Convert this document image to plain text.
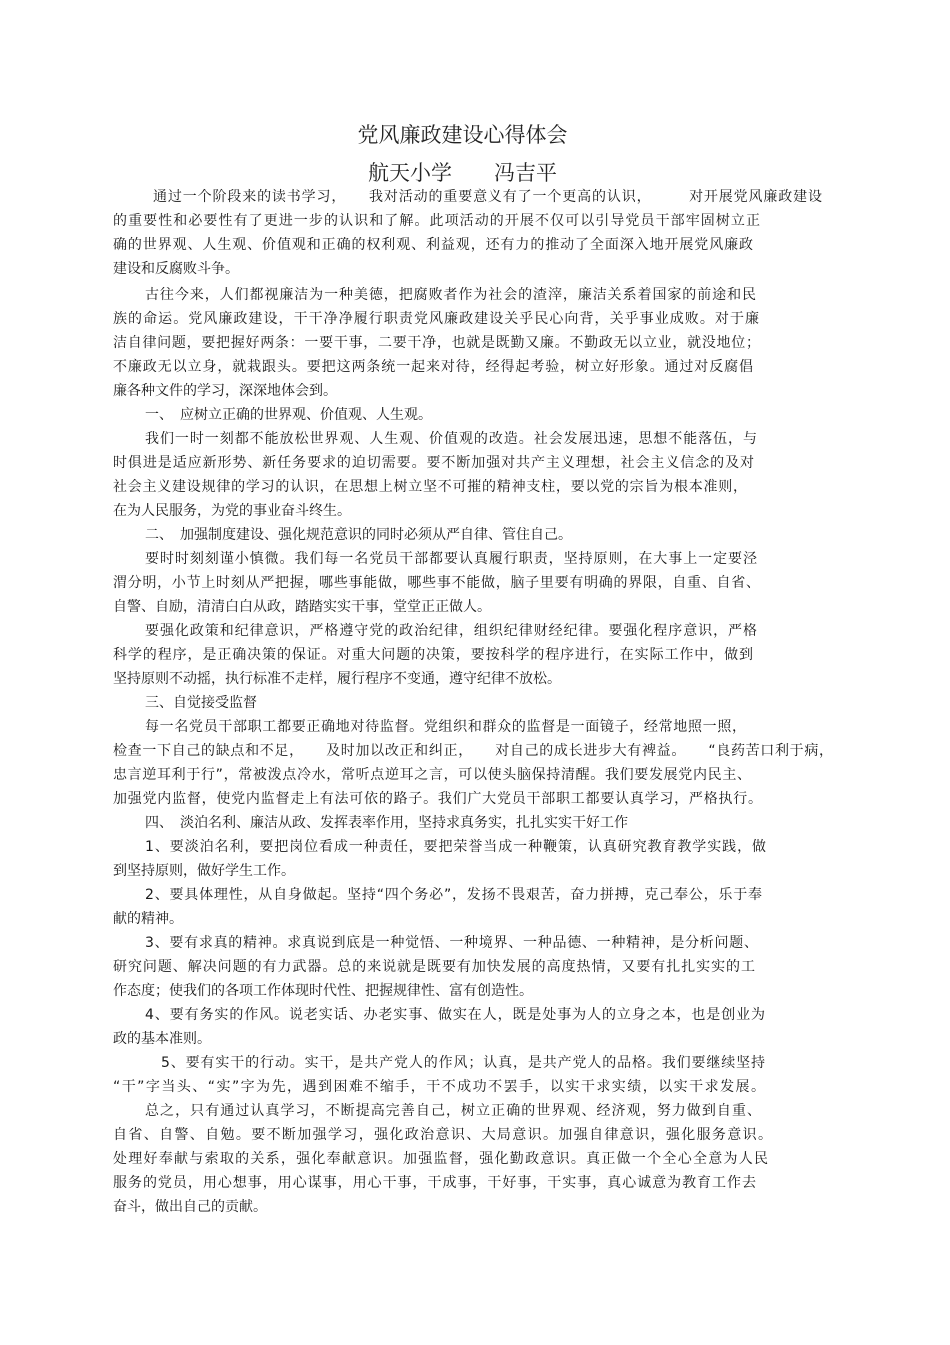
党风廉政建设心得体会
航天小学　　冯吉平
通过一个阶段来的读书学习，　　我对活动的重要意义有了一个更高的认识，　　　对开展党风廉政建设
的重要性和必要性有了更进一步的认识和了解。此项活动的开展不仅可以引导党员干部牢固树立正
确的世界观、人生观、价值观和正确的权利观、利益观，还有力的推动了全面深入地开展党风廉政
建设和反腐败斗争。
古往今来，人们都视廉洁为一种美德，把腐败者作为社会的渣滓，廉洁关系着国家的前途和民
族的命运。党风廉政建设，干干净净履行职责党风廉政建设关乎民心向背，关乎事业成败。对于廉
洁自律问题，要把握好两条：一要干事，二要干净，也就是既勤又廉。不勤政无以立业，就没地位；
不廉政无以立身，就栽跟头。要把这两条统一起来对待，经得起考验，树立好形象。通过对反腐倡
廉各种文件的学习，深深地体会到。
一、　应树立正确的世界观、价值观、人生观。
我们一时一刻都不能放松世界观、人生观、价值观的改造。社会发展迅速，思想不能落伍，与
时俱进是适应新形势、新任务要求的迫切需要。要不断加强对共产主义理想，社会主义信念的及对
社会主义建设规律的学习的认识，在思想上树立坚不可摧的精神支柱，要以党的宗旨为根本准则，
在为人民服务，为党的事业奋斗终生。
二、　加强制度建设、强化规范意识的同时必须从严自律、管住自己。
要时时刻刻谨小慎微。我们每一名党员干部都要认真履行职责，坚持原则，在大事上一定要泾
渭分明，小节上时刻从严把握，哪些事能做，哪些事不能做，脑子里要有明确的界限，自重、自省、
自警、自励，清清白白从政，踏踏实实干事，堂堂正正做人。
要强化政策和纪律意识，严格遵守党的政治纪律，组织纪律财经纪律。要强化程序意识，严格
科学的程序，是正确决策的保证。对重大问题的决策，要按科学的程序进行，在实际工作中，做到
坚持原则不动摇，执行标准不走样，履行程序不变通，遵守纪律不放松。
三、自觉接受监督
每一名党员干部职工都要正确地对待监督。党组织和群众的监督是一面镜子，经常地照一照，
检查一下自己的缺点和不足，　　及时加以改正和纠正，　　对自己的成长进步大有裨益。　　“良药苦口利于病，
忠言逆耳利于行”，常被泼点冷水，常听点逆耳之言，可以使头脑保持清醒。我们要发展党内民主、
加强党内监督，使党内监督走上有法可依的路子。我们广大党员干部职工都要认真学习，严格执行。
四、　淡泊名利、廉洁从政、发挥表率作用，坚持求真务实，扎扎实实干好工作
1、要淡泊名利，要把岗位看成一种责任，要把荣誉当成一种鞭策，认真研究教育教学实践，做
到坚持原则，做好学生工作。
2、要具体理性，从自身做起。坚持“四个务必”，发扬不畏艰苦，奋力拼搏，克己奉公，乐于奉
献的精神。
3、要有求真的精神。求真说到底是一种觉悟、一种境界、一种品德、一种精神，是分析问题、
研究问题、解决问题的有力武器。总的来说就是既要有加快发展的高度热情，又要有扎扎实实的工
作态度；使我们的各项工作体现时代性、把握规律性、富有创造性。
4、要有务实的作风。说老实话、办老实事、做实在人，既是处事为人的立身之本，也是创业为
政的基本准则。
5、要有实干的行动。实干，是共产党人的作风；认真，是共产党人的品格。我们要继续坚持
“干”字当头、“实”字为先，遇到困难不缩手，干不成功不罢手，以实干求实绩，以实干求发展。
总之，只有通过认真学习，不断提高完善自己，树立正确的世界观、经济观，努力做到自重、
自省、自警、自勉。要不断加强学习，强化政治意识、大局意识。加强自律意识，强化服务意识。
处理好奉献与索取的关系，强化奉献意识。加强监督，强化勤政意识。真正做一个全心全意为人民
服务的党员，用心想事，用心谋事，用心干事，干成事，干好事，干实事，真心诚意为教育工作去
奋斗，做出自己的贡献。
